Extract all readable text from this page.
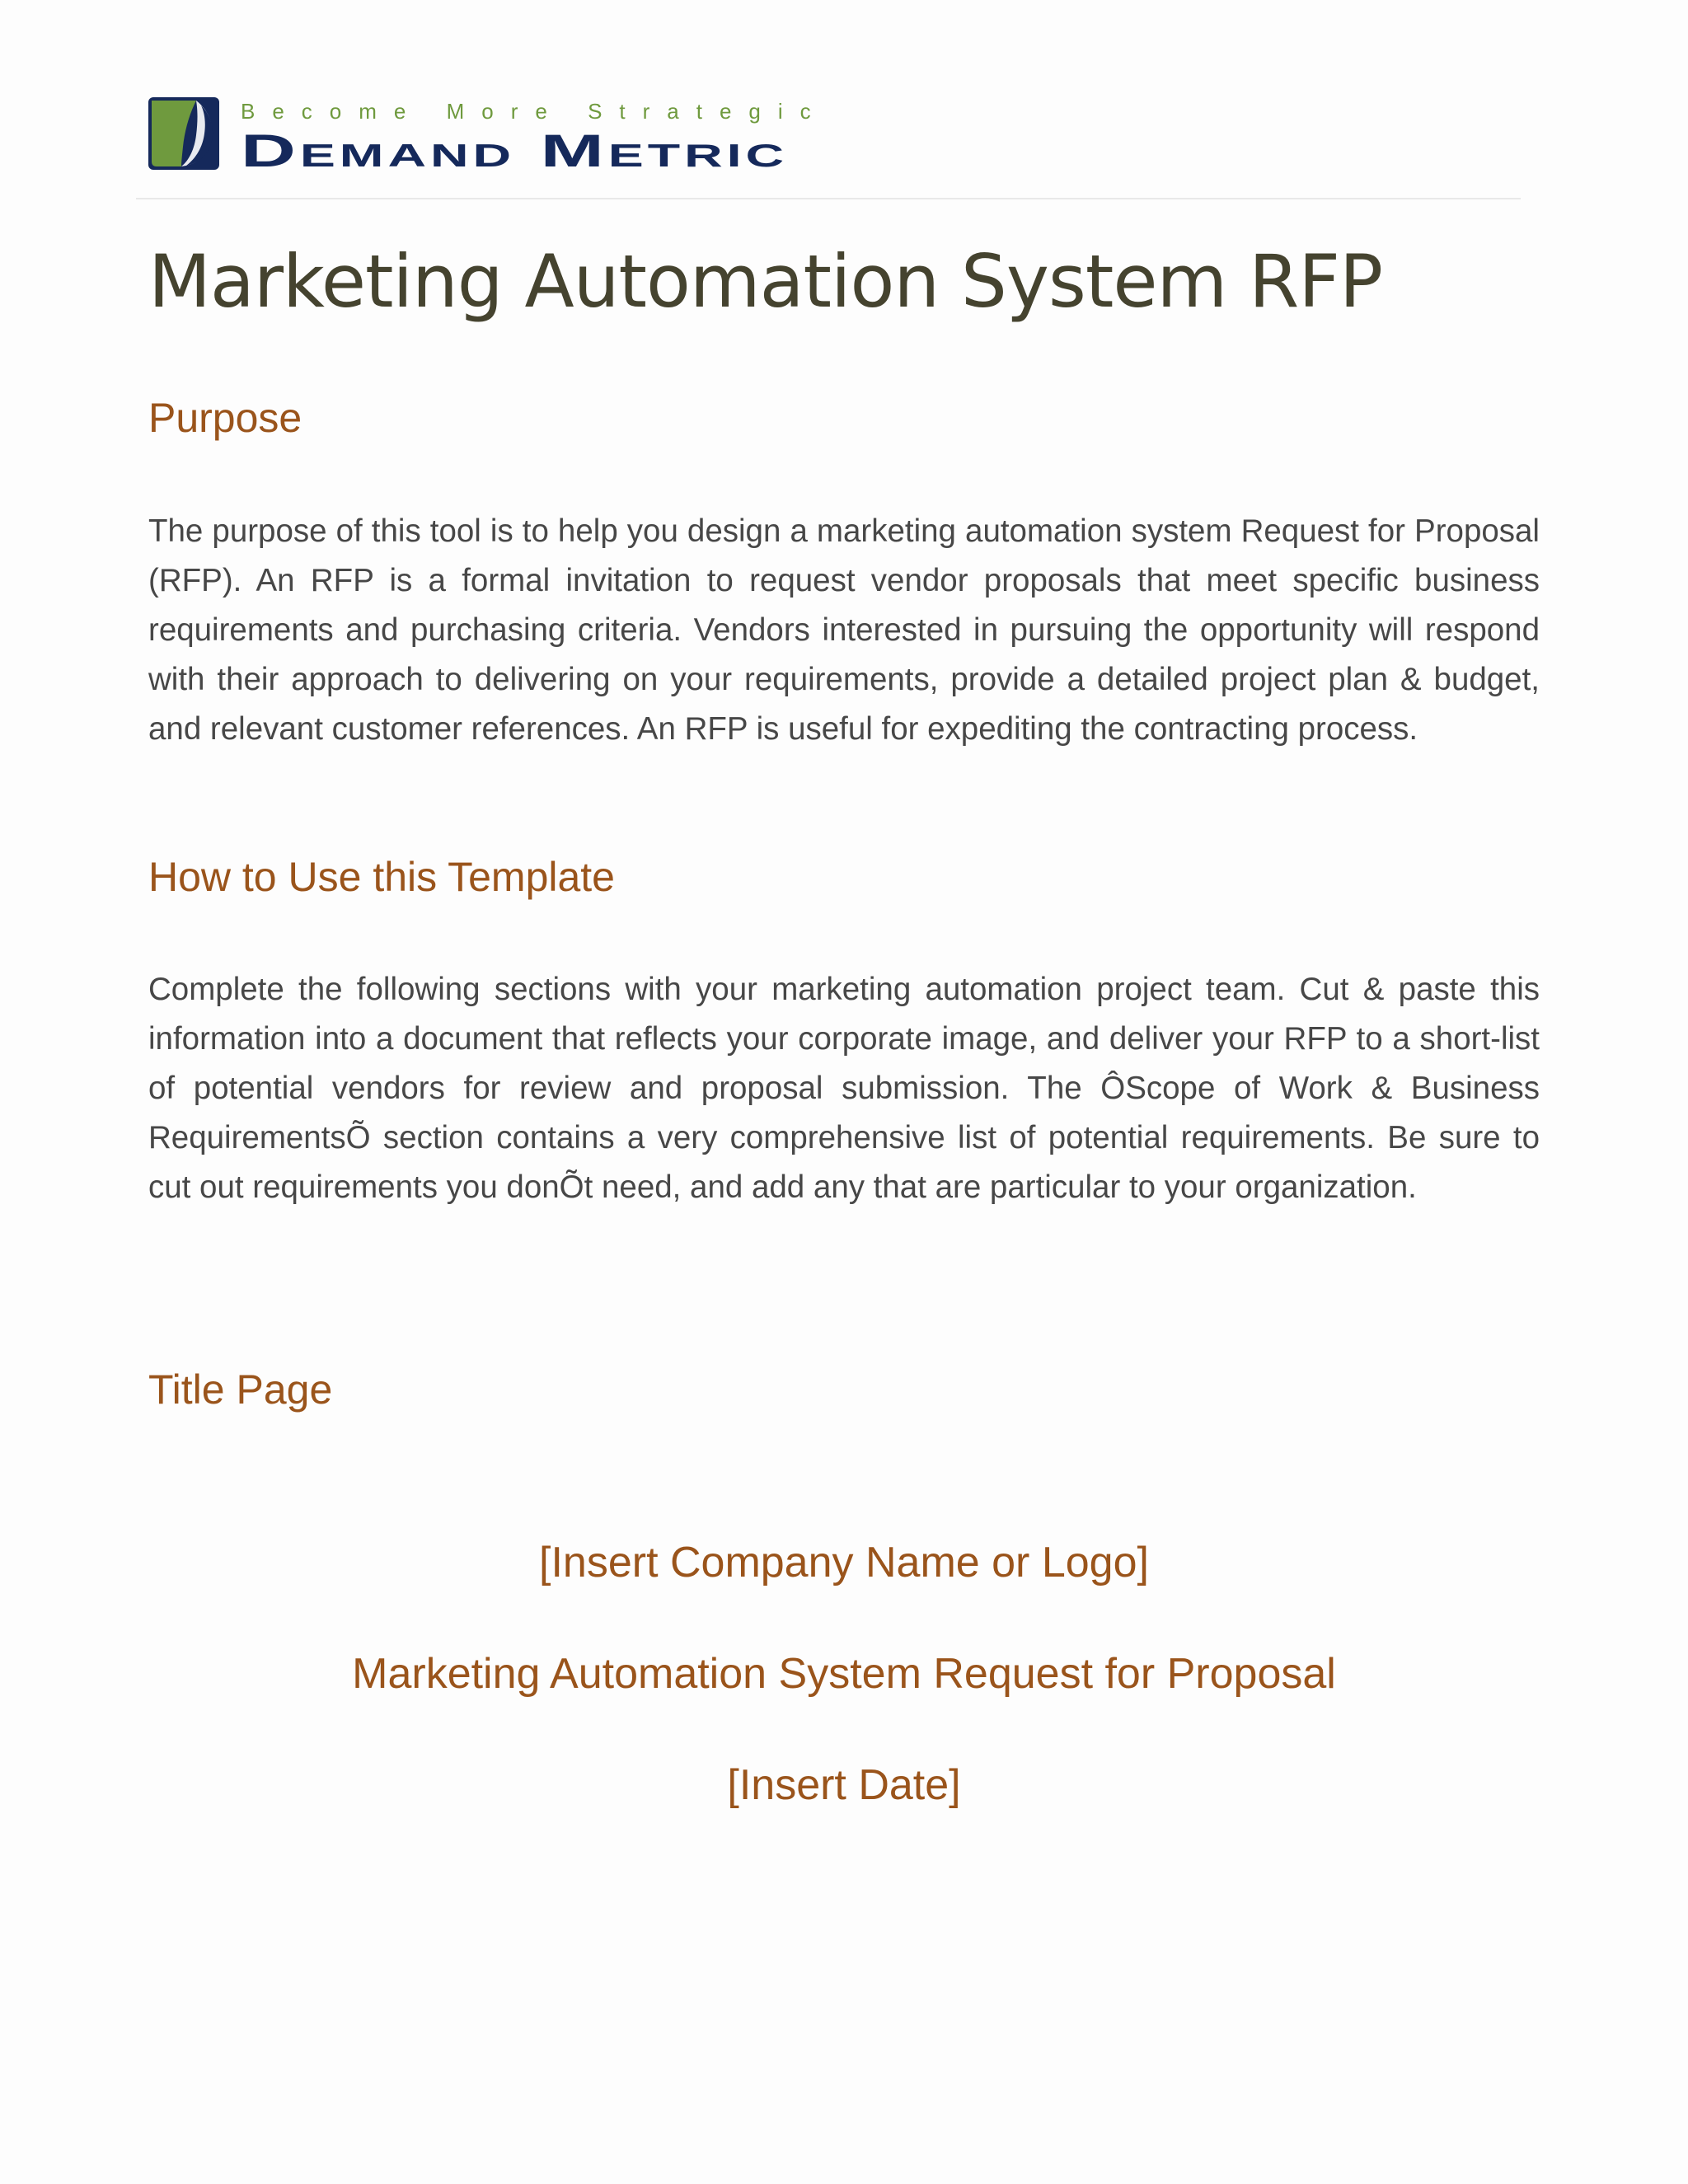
Become More Strategic
Demand Metric
Marketing Automation System RFP
Purpose

The purpose of this tool is to help you design a marketing automation system Request for Proposal (RFP). An RFP is a formal invitation to request vendor proposals that meet specific business requirements and purchasing criteria. Vendors interested in pursuing the opportunity will respond with their approach to delivering on your requirements, provide a detailed project plan & budget, and relevant customer references. An RFP is useful for expediting the contracting process.

How to Use this Template

Complete the following sections with your marketing automation project team. Cut & paste this information into a document that reflects your corporate image, and deliver your RFP to a short-list of potential vendors for review and proposal submission. The ÔScope of Work & Business RequirementsÕ section contains a very comprehensive list of potential requirements. Be sure to cut out requirements you donÕt need, and add any that are particular to your organization.

Title Page

[Insert Company Name or Logo]

Marketing Automation System Request for Proposal

[Insert Date]
